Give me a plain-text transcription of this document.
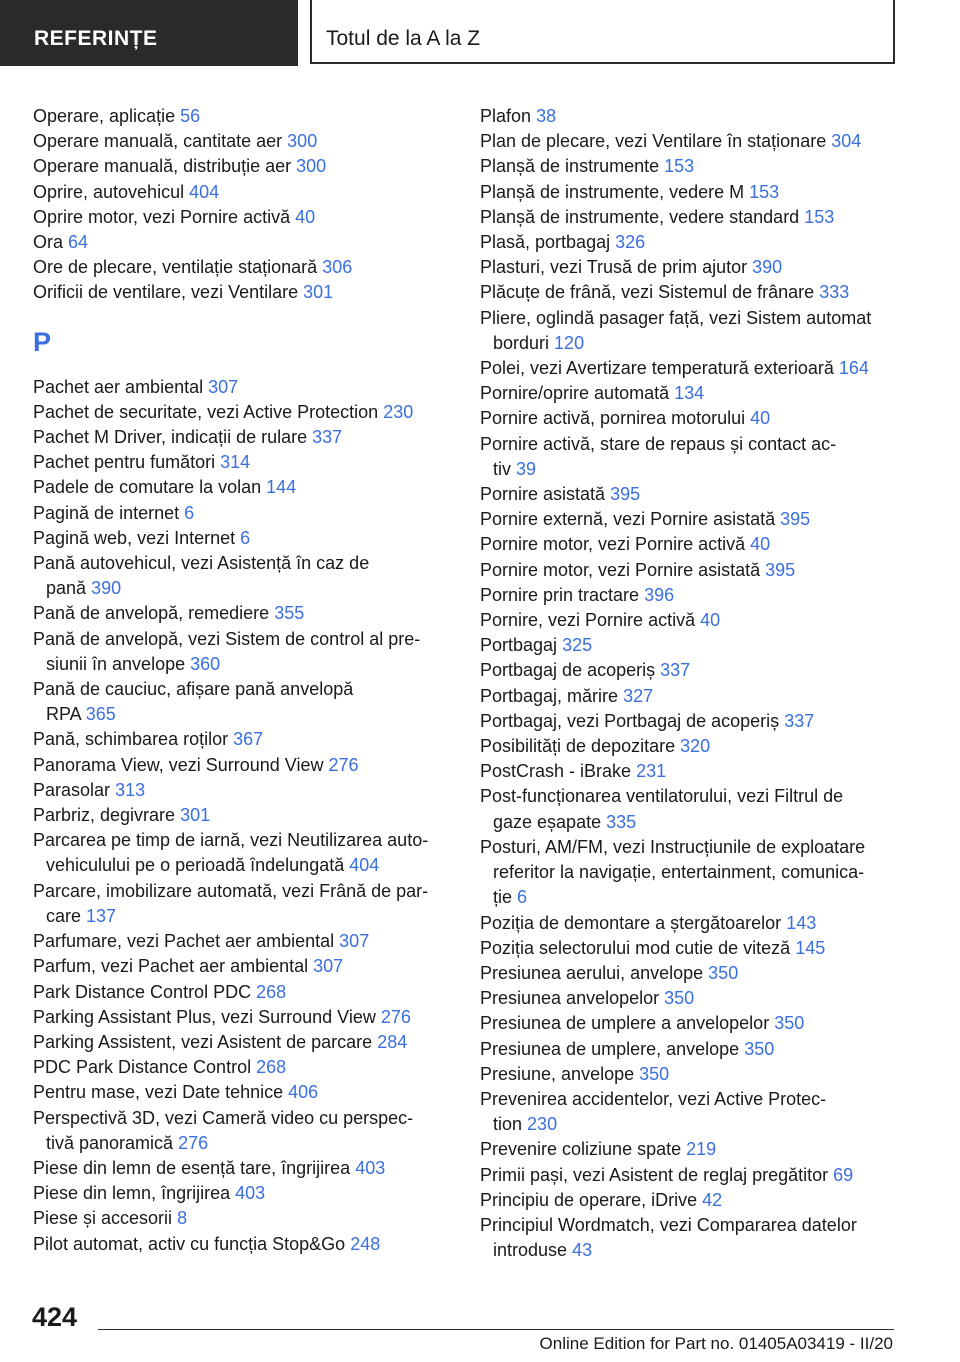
REFERINȚE	Totul de la A la Z
Operare, aplicație 56
Operare manuală, cantitate aer 300
Operare manuală, distribuție aer 300
Oprire, autovehicul 404
Oprire motor, vezi Pornire activă 40
Ora 64
Ore de plecare, ventilație staționară 306
Orificii de ventilare, vezi Ventilare 301
P
Pachet aer ambiental 307
Pachet de securitate, vezi Active Protection 230
Pachet M Driver, indicații de rulare 337
Pachet pentru fumători 314
Padele de comutare la volan 144
Pagină de internet 6
Pagină web, vezi Internet 6
Pană autovehicul, vezi Asistență în caz de
pană 390
Pană de anvelopă, remediere 355
Pană de anvelopă, vezi Sistem de control al pre-
siunii în anvelope 360
Pană de cauciuc, afișare pană anvelopă
RPA 365
Pană, schimbarea roților 367
Panorama View, vezi Surround View 276
Parasolar 313
Parbriz, degivrare 301
Parcarea pe timp de iarnă, vezi Neutilizarea auto-
vehiculului pe o perioadă îndelungată 404
Parcare, imobilizare automată, vezi Frână de par-
care 137
Parfumare, vezi Pachet aer ambiental 307
Parfum, vezi Pachet aer ambiental 307
Park Distance Control PDC 268
Parking Assistant Plus, vezi Surround View 276
Parking Assistent, vezi Asistent de parcare 284
PDC Park Distance Control 268
Pentru mase, vezi Date tehnice 406
Perspectivă 3D, vezi Cameră video cu perspec-
tivă panoramică 276
Piese din lemn de esență tare, îngrijirea 403
Piese din lemn, îngrijirea 403
Piese și accesorii 8
Pilot automat, activ cu funcția Stop&Go 248
Plafon 38
Plan de plecare, vezi Ventilare în staționare 304
Planșă de instrumente 153
Planșă de instrumente, vedere M 153
Planșă de instrumente, vedere standard 153
Plasă, portbagaj 326
Plasturi, vezi Trusă de prim ajutor 390
Plăcuțe de frână, vezi Sistemul de frânare 333
Pliere, oglindă pasager față, vezi Sistem automat
borduri 120
Polei, vezi Avertizare temperatură exterioară 164
Pornire/oprire automată 134
Pornire activă, pornirea motorului 40
Pornire activă, stare de repaus și contact ac-
tiv 39
Pornire asistată 395
Pornire externă, vezi Pornire asistată 395
Pornire motor, vezi Pornire activă 40
Pornire motor, vezi Pornire asistată 395
Pornire prin tractare 396
Pornire, vezi Pornire activă 40
Portbagaj 325
Portbagaj de acoperiș 337
Portbagaj, mărire 327
Portbagaj, vezi Portbagaj de acoperiș 337
Posibilități de depozitare 320
PostCrash - iBrake 231
Post-funcționarea ventilatorului, vezi Filtrul de
gaze eșapate 335
Posturi, AM/FM, vezi Instrucțiunile de exploatare
referitor la navigație, entertainment, comunica-
ție 6
Poziția de demontare a ștergătoarelor 143
Poziția selectorului mod cutie de viteză 145
Presiunea aerului, anvelope 350
Presiunea anvelopelor 350
Presiunea de umplere a anvelopelor 350
Presiunea de umplere, anvelope 350
Presiune, anvelope 350
Prevenirea accidentelor, vezi Active Protec-
tion 230
Prevenire coliziune spate 219
Primii pași, vezi Asistent de reglaj pregătitor 69
Principiu de operare, iDrive 42
Principiul Wordmatch, vezi Compararea datelor
introduse 43
424
Online Edition for Part no. 01405A03419 - II/20
